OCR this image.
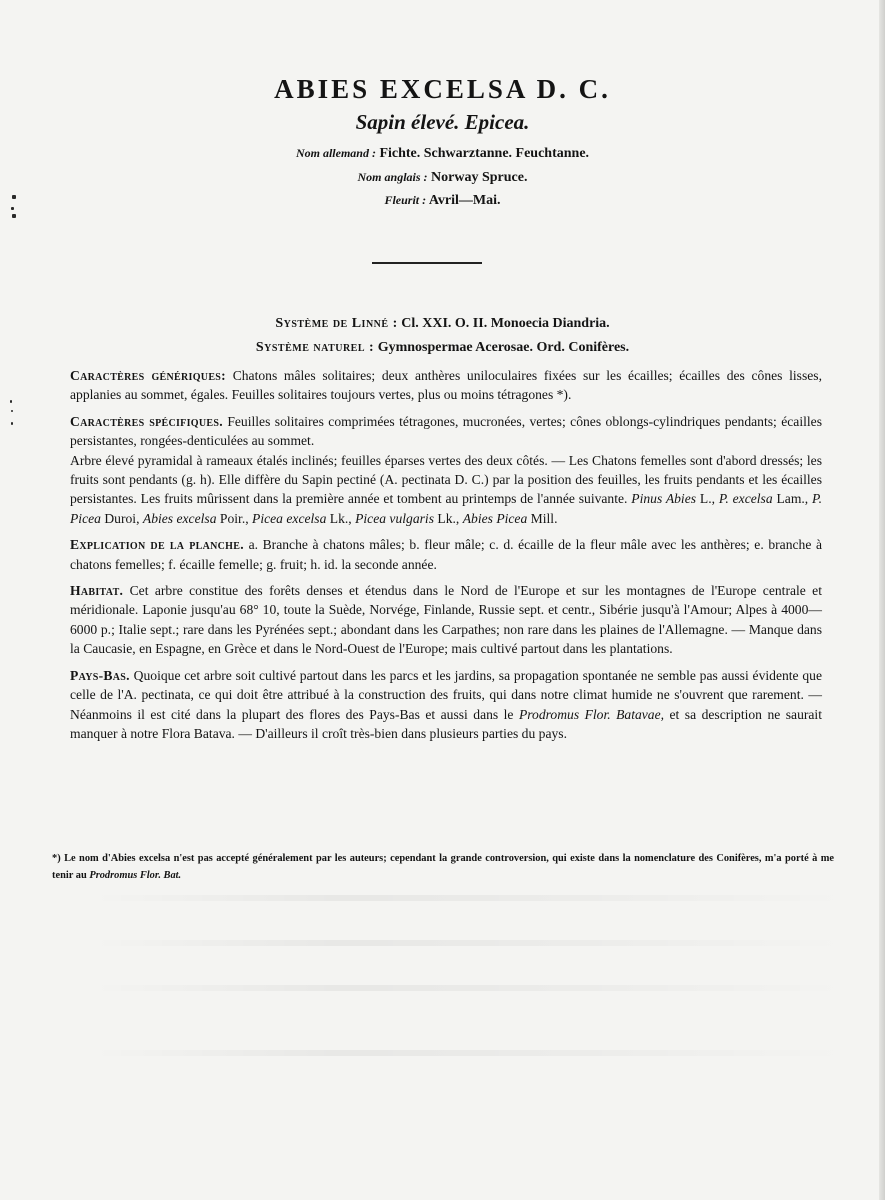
ABIES EXCELSA D. C.
Sapin élevé. Epicea.
Nom allemand : Fichte. Schwarztanne. Feuchtanne.
Nom anglais : Norway Spruce.
Fleurit : Avril—Mai.
Système de Linné : Cl. XXI. O. II. Monoecia Diandria.
Système naturel : Gymnospermae Acerosae. Ord. Conifères.

Caractères génériques: Chatons mâles solitaires; deux anthères uniloculaires fixées sur les écailles; écailles des cônes lisses, applanies au sommet, égales. Feuilles solitaires toujours vertes, plus ou moins tétragones *).

Caractères spécifiques. Feuilles solitaires comprimées tétragones, mucronées, vertes; cônes oblongs-cylindriques pendants; écailles persistantes, rongées-denticulées au sommet.

Arbre élevé pyramidal à rameaux étalés inclinés; feuilles éparses vertes des deux côtés. — Les Chatons femelles sont d'abord dressés; les fruits sont pendants (g. h). Elle diffère du Sapin pectiné (A. pectinata D. C.) par la position des feuilles, les fruits pendants et les écailles persistantes. Les fruits mûrissent dans la première année et tombent au printemps de l'année suivante. Pinus Abies L., P. excelsa Lam., P. Picea Duroi, Abies excelsa Poir., Picea excelsa Lk., Picea vulgaris Lk., Abies Picea Mill.

Explication de la planche. a. Branche à chatons mâles; b. fleur mâle; c. d. écaille de la fleur mâle avec les anthères; e. branche à chatons femelles; f. écaille femelle; g. fruit; h. id. la seconde année.

Habitat. Cet arbre constitue des forêts denses et étendus dans le Nord de l'Europe et sur les montagnes de l'Europe centrale et méridionale. Laponie jusqu'au 68° 10, toute la Suède, Norvége, Finlande, Russie sept. et centr., Sibérie jusqu'à l'Amour; Alpes à 4000—6000 p.; Italie sept.; rare dans les Pyrénées sept.; abondant dans les Carpathes; non rare dans les plaines de l'Allemagne. — Manque dans la Caucasie, en Espagne, en Grèce et dans le Nord-Ouest de l'Europe; mais cultivé partout dans les plantations.

Pays-Bas. Quoique cet arbre soit cultivé partout dans les parcs et les jardins, sa propagation spontanée ne semble pas aussi évidente que celle de l'A. pectinata, ce qui doit être attribué à la construction des fruits, qui dans notre climat humide ne s'ouvrent que rarement. — Néanmoins il est cité dans la plupart des flores des Pays-Bas et aussi dans le Prodromus Flor. Batavae, et sa description ne saurait manquer à notre Flora Batava. — D'ailleurs il croît très-bien dans plusieurs parties du pays.

*) Le nom d'Abies excelsa n'est pas accepté généralement par les auteurs; cependant la grande controversion, qui existe dans la nomenclature des Conifères, m'a porté à me tenir au Prodromus Flor. Bat.
